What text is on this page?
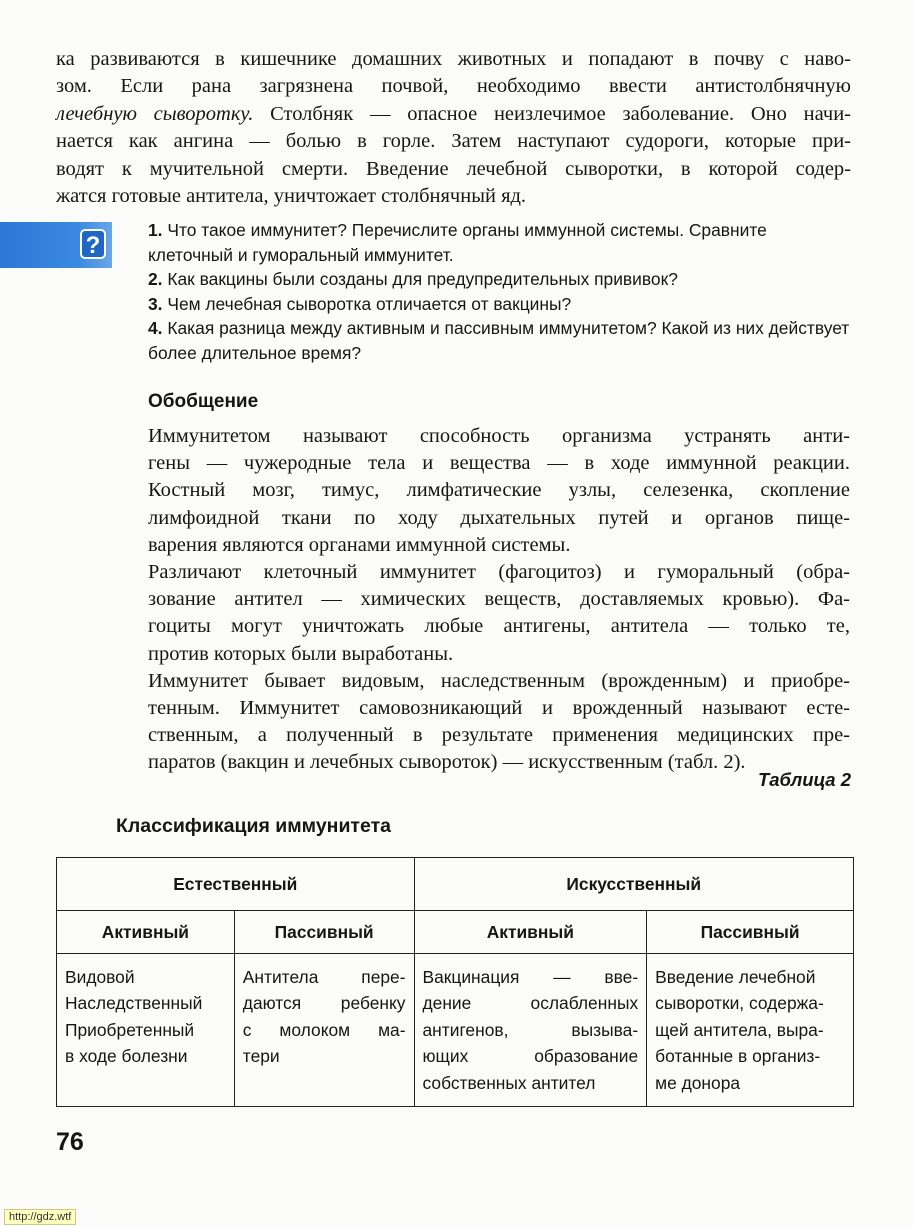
ка развиваются в кишечнике домашних животных и попадают в почву с наво-
зом. Если рана загрязнена почвой, необходимо ввести антистолбнячную
лечебную сыворотку. Столбняк — опасное неизлечимое заболевание. Оно начи-
нается как ангина — болью в горле. Затем наступают судороги, которые при-
водят к мучительной смерти. Введение лечебной сыворотки, в которой содер-
жатся готовые антитела, уничтожает столбнячный яд.
?

1. Что такое иммунитет? Перечислите органы иммунной системы. Сравните клеточный и гуморальный иммунитет.

2. Как вакцины были созданы для предупредительных прививок?

3. Чем лечебная сыворотка отличается от вакцины?

4. Какая разница между активным и пассивным иммунитетом? Какой из них действует более длительное время?

Обобщение
Иммунитетом называют способность организма устранять анти-
гены — чужеродные тела и вещества — в ходе иммунной реакции.
Костный мозг, тимус, лимфатические узлы, селезенка, скопление
лимфоидной ткани по ходу дыхательных путей и органов пище-
варения являются органами иммунной системы.
Различают клеточный иммунитет (фагоцитоз) и гуморальный (обра-
зование антител — химических веществ, доставляемых кровью). Фа-
гоциты могут уничтожать любые антигены, антитела — только те,
против которых были выработаны.
Иммунитет бывает видовым, наследственным (врожденным) и приобре-
тенным. Иммунитет самовозникающий и врожденный называют есте-
ственным, а полученный в результате применения медицинских пре-
паратов (вакцин и лечебных сывороток) — искусственным (табл. 2).
Таблица 2
Классификация иммунитета
Естественный		Искусственный	
Активный	Пассивный	Активный	Пассивный

Видовой
Наследственный
Приобретенный
в ходе болезни	Антитела пере-
даются ребенку
с молоком ма-
тери	Вакцинация — вве-
дение ослабленных
антигенов, вызыва-
ющих образование
собственных антител	Введение лечебной
сыворотки, содержа-
щей антитела, выра-
ботанные в организ-
ме донора
76
http://gdz.wtf
